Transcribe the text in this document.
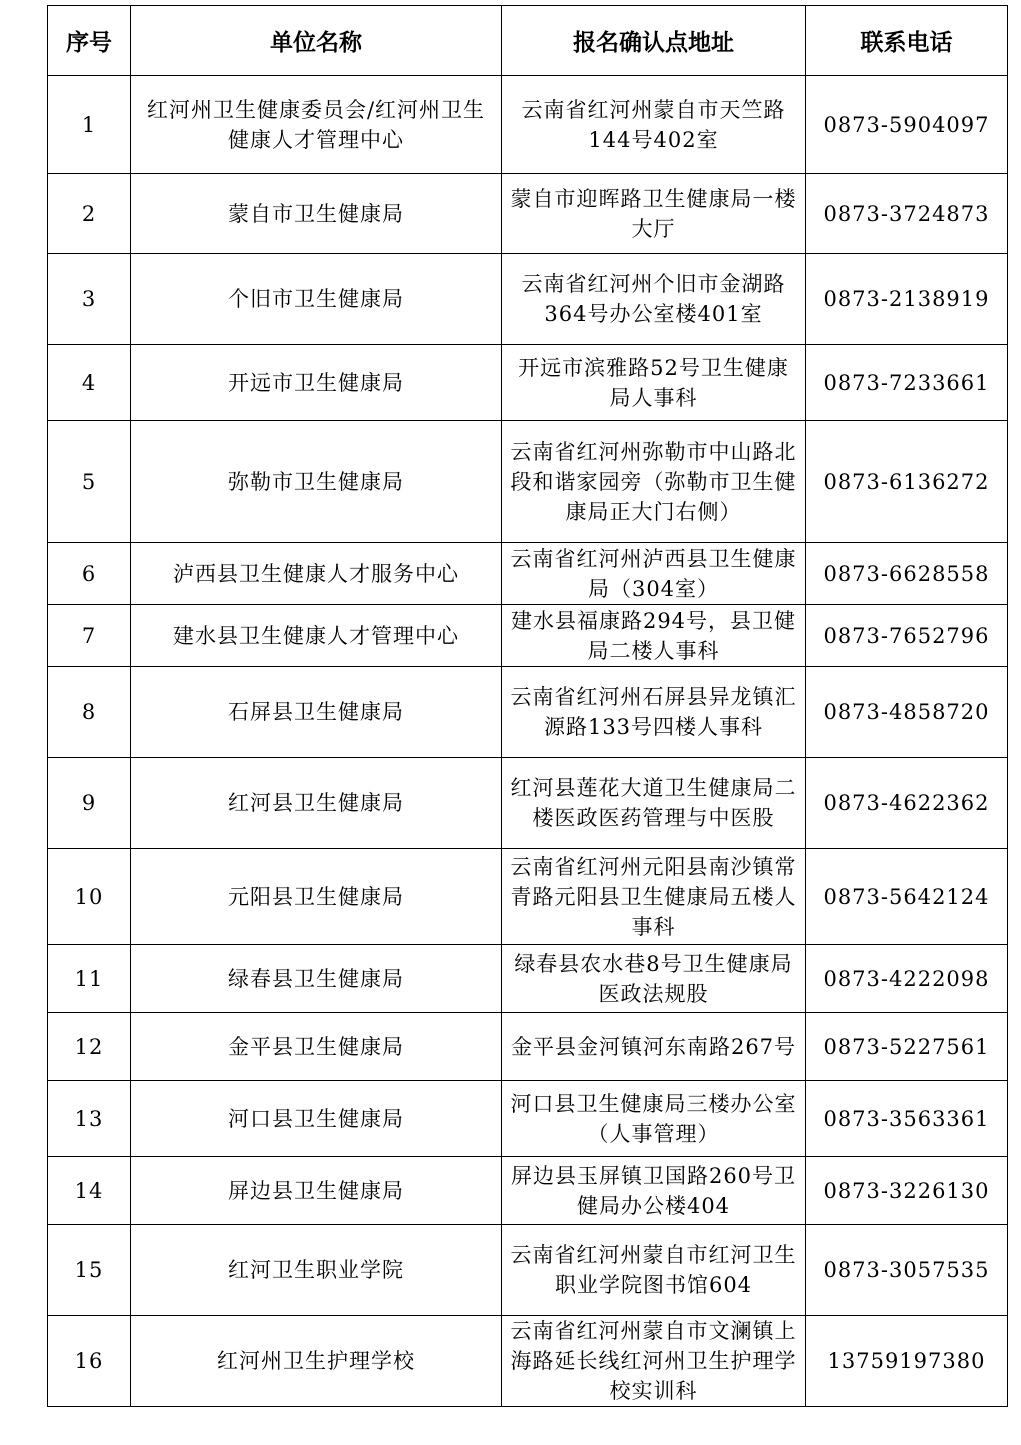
序号	单位名称	报名确认点地址	联系电话
1	红河州卫生健康委员会/红河州卫生健康人才管理中心	云南省红河州蒙自市天竺路144号402室	0873-5904097
2	蒙自市卫生健康局	蒙自市迎晖路卫生健康局一楼大厅	0873-3724873
3	个旧市卫生健康局	云南省红河州个旧市金湖路364号办公室楼401室	0873-2138919
4	开远市卫生健康局	开远市滨雅路52号卫生健康局人事科	0873-7233661
5	弥勒市卫生健康局	云南省红河州弥勒市中山路北段和谐家园旁（弥勒市卫生健康局正大门右侧）	0873-6136272
6	泸西县卫生健康人才服务中心	云南省红河州泸西县卫生健康局（304室）	0873-6628558
7	建水县卫生健康人才管理中心	建水县福康路294号，县卫健局二楼人事科	0873-7652796
8	石屏县卫生健康局	云南省红河州石屏县异龙镇汇源路133号四楼人事科	0873-4858720
9	红河县卫生健康局	红河县莲花大道卫生健康局二楼医政医药管理与中医股	0873-4622362
10	元阳县卫生健康局	云南省红河州元阳县南沙镇常青路元阳县卫生健康局五楼人事科	0873-5642124
11	绿春县卫生健康局	绿春县农水巷8号卫生健康局医政法规股	0873-4222098
12	金平县卫生健康局	金平县金河镇河东南路267号	0873-5227561
13	河口县卫生健康局	河口县卫生健康局三楼办公室（人事管理）	0873-3563361
14	屏边县卫生健康局	屏边县玉屏镇卫国路260号卫健局办公楼404	0873-3226130
15	红河卫生职业学院	云南省红河州蒙自市红河卫生职业学院图书馆604	0873-3057535
16	红河州卫生护理学校	云南省红河州蒙自市文澜镇上海路延长线红河州卫生护理学校实训科	13759197380
